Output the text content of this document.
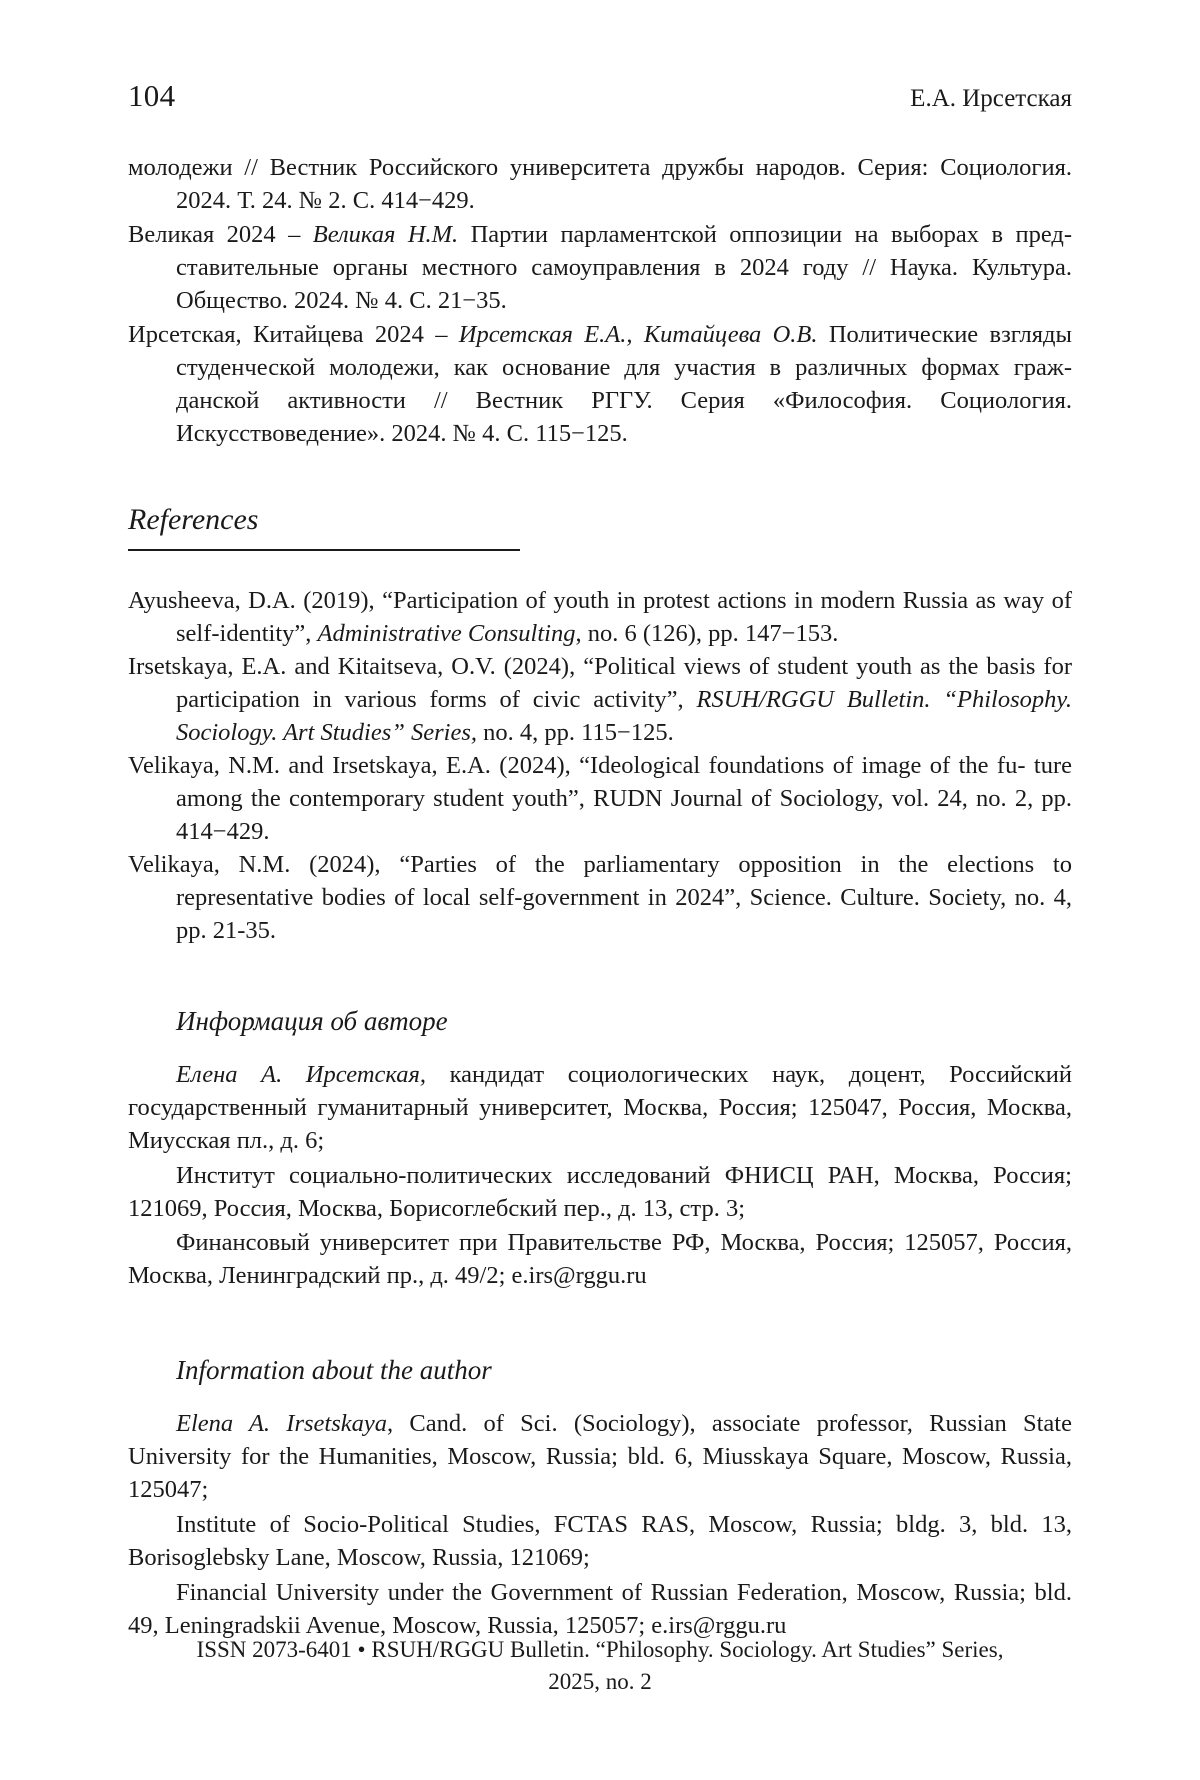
104	Е.А. Ирсетская
молодежи // Вестник Российского университета дружбы народов. Серия: Социология. 2024. Т. 24. № 2. С. 414−429.
Великая 2024 – Великая Н.М. Партии парламентской оппозиции на выборах в пред- ставительные органы местного самоуправления в 2024 году // Наука. Культура. Общество. 2024. № 4. С. 21−35.
Ирсетская, Китайцева 2024 – Ирсетская Е.А., Китайцева О.В. Политические взгляды студенческой молодежи, как основание для участия в различных формах граж- данской активности // Вестник РГГУ. Серия «Философия. Социология. Искусствоведение». 2024. № 4. С. 115−125.
References
Ayusheeva, D.A. (2019), “Participation of youth in protest actions in modern Russia as way of self-identity”, Administrative Consulting, no. 6 (126), pp. 147−153.
Irsetskaya, E.A. and Kitaitseva, O.V. (2024), “Political views of student youth as the basis for participation in various forms of civic activity”, RSUH/RGGU Bulletin. “Philosophy. Sociology. Art Studies” Series, no. 4, pp. 115−125.
Velikaya, N.M. and Irsetskaya, E.A. (2024), “Ideological foundations of image of the fu- ture among the contemporary student youth”, RUDN Journal of Sociology, vol. 24, no. 2, pp. 414−429.
Velikaya, N.M. (2024), “Parties of the parliamentary opposition in the elections to representative bodies of local self-government in 2024”, Science. Culture. Society, no. 4, pp. 21-35.
Информация об авторе

Елена А. Ирсетская, кандидат социологических наук, доцент, Российский государственный гуманитарный университет, Москва, Россия; 125047, Россия, Москва, Миусская пл., д. 6;

Институт социально-политических исследований ФНИСЦ РАН, Москва, Россия; 121069, Россия, Москва, Борисоглебский пер., д. 13, стр. 3;

Финансовый университет при Правительстве РФ, Москва, Россия; 125057, Россия, Москва, Ленинградский пр., д. 49/2; e.irs@rggu.ru

Information about the author

Elena A. Irsetskaya, Cand. of Sci. (Sociology), associate professor, Russian State University for the Humanities, Moscow, Russia; bld. 6, Miusskaya Square, Moscow, Russia, 125047;

Institute of Socio-Political Studies, FCTAS RAS, Moscow, Russia; bldg. 3, bld. 13, Borisoglebsky Lane, Moscow, Russia, 121069;

Financial University under the Government of Russian Federation, Moscow, Russia; bld. 49, Leningradskii Avenue, Moscow, Russia, 125057; e.irs@rggu.ru

ISSN 2073-6401 • RSUH/RGGU Bulletin. “Philosophy. Sociology. Art Studies” Series,
2025, no. 2
